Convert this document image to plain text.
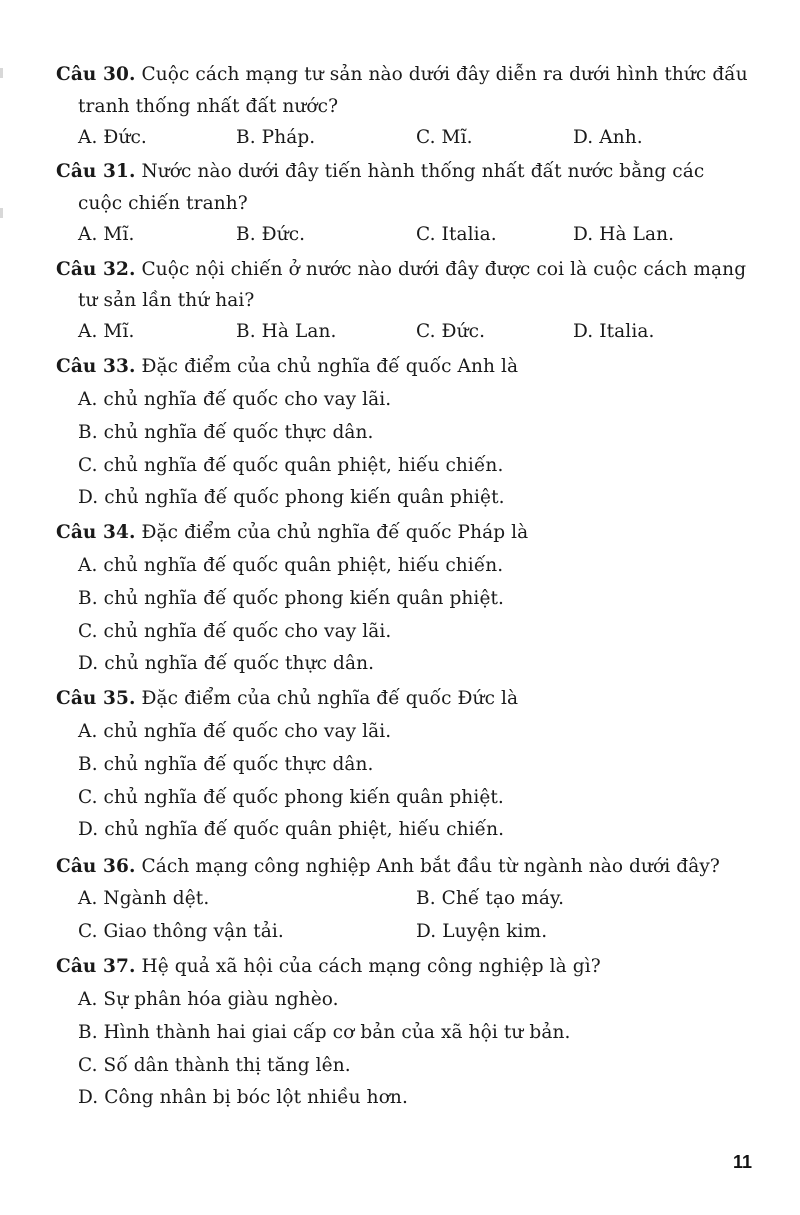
Câu 30. Cuộc cách mạng tư sản nào dưới đây diễn ra dưới hình thức đấu
tranh thống nhất đất nước?
A. Đức.	B. Pháp.	C. Mĩ.	D. Anh.
Câu 31. Nước nào dưới đây tiến hành thống nhất đất nước bằng các
cuộc chiến tranh?
A. Mĩ.	B. Đức.	C. Italia.	D. Hà Lan.
Câu 32. Cuộc nội chiến ở nước nào dưới đây được coi là cuộc cách mạng
tư sản lần thứ hai?
A. Mĩ.	B. Hà Lan.	C. Đức.	D. Italia.
Câu 33. Đặc điểm của chủ nghĩa đế quốc Anh là
A. chủ nghĩa đế quốc cho vay lãi.
B. chủ nghĩa đế quốc thực dân.
C. chủ nghĩa đế quốc quân phiệt, hiếu chiến.
D. chủ nghĩa đế quốc phong kiến quân phiệt.
Câu 34. Đặc điểm của chủ nghĩa đế quốc Pháp là
A. chủ nghĩa đế quốc quân phiệt, hiếu chiến.
B. chủ nghĩa đế quốc phong kiến quân phiệt.
C. chủ nghĩa đế quốc cho vay lãi.
D. chủ nghĩa đế quốc thực dân.
Câu 35. Đặc điểm của chủ nghĩa đế quốc Đức là
A. chủ nghĩa đế quốc cho vay lãi.
B. chủ nghĩa đế quốc thực dân.
C. chủ nghĩa đế quốc phong kiến quân phiệt.
D. chủ nghĩa đế quốc quân phiệt, hiếu chiến.
Câu 36. Cách mạng công nghiệp Anh bắt đầu từ ngành nào dưới đây?
A. Ngành dệt.	B. Chế tạo máy.
C. Giao thông vận tải.	D. Luyện kim.
Câu 37. Hệ quả xã hội của cách mạng công nghiệp là gì?
A. Sự phân hóa giàu nghèo.
B. Hình thành hai giai cấp cơ bản của xã hội tư bản.
C. Số dân thành thị tăng lên.
D. Công nhân bị bóc lột nhiều hơn.
11
